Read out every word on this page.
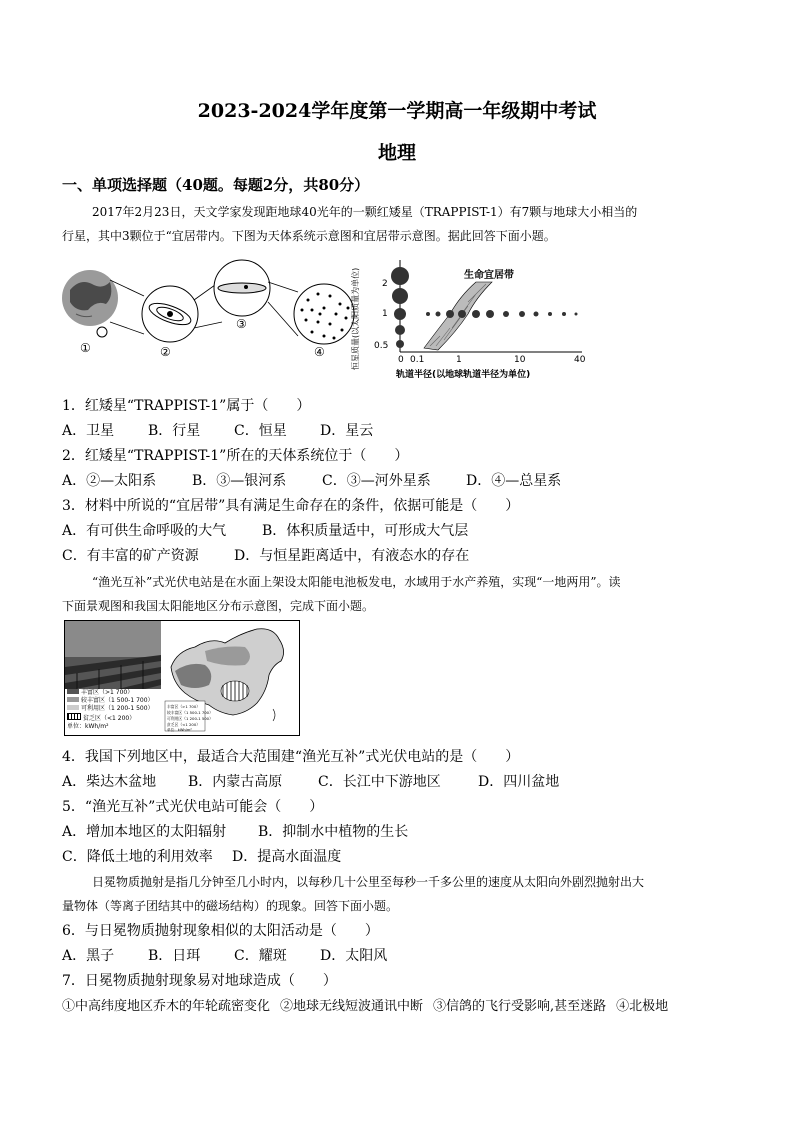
2023-2024学年度第一学期高一年级期中考试
地理
一、单项选择题（40题。每题2分，共80分）
2017年2月23日，天文学家发现距地球40光年的一颗红矮星（TRAPPIST-1）有7颗与地球大小相当的
行星，其中3颗位于“宜居带内。下图为天体系统示意图和宜居带示意图。据此回答下面小题。
①	②
③
④	恒星质量(以太阳质量为单位) 2
1
0.5
生命宜居带
0 0.1	1	10	40
轨道半径(以地球轨道半径为单位)
1．红矮星“TRAPPIST-1”属于（　　）
A．卫星 B．行星 C．恒星 D．星云
2．红矮星“TRAPPIST-1”所在的天体系统位于（　　）
A．②—太阳系	B．③—银河系	C．③—河外星系	D．④—总星系
3．材料中所说的“宜居带”具有满足生命存在的条件，依据可能是（　　）
A．有可供生命呼吸的大气	B．体积质量适中，可形成大气层
C．有丰富的矿产资源	D．与恒星距离适中，有液态水的存在
“渔光互补”式光伏电站是在水面上架设太阳能电池板发电，水域用于水产养殖，实现“一地两用”。读
下面景观图和我国太阳能地区分布示意图，完成下面小题。
丰富区（>1 700）
较丰富区（1 500-1 700）
可利用区（1 200-1 500）
贫乏区（<1 200）
单位：kWh/m²
丰富区（>1 700）
较丰富区（1 500-1 700）
可利用区（1 200-1 500）
贫乏区（<1 200）
单位：kWh/m²
4．我国下列地区中，最适合大范围建“渔光互补”式光伏电站的是（　　）
A．柴达木盆地 B．内蒙古高原	C．长江中下游地区	D．四川盆地
5．“渔光互补”式光伏电站可能会（　　）
A．增加本地区的太阳辐射 B．抑制水中植物的生长
C．降低土地的利用效率 D．提高水面温度
日冕物质抛射是指几分钟至几小时内，以每秒几十公里至每秒一千多公里的速度从太阳向外剧烈抛射出大
量物体（等离子团结其中的磁场结构）的现象。回答下面小题。
6．与日冕物质抛射现象相似的太阳活动是（　　）
A．黑子 B．日珥 C．耀斑 D．太阳风
7．日冕物质抛射现象易对地球造成（　　）
①中高纬度地区乔木的年轮疏密变化 ②地球无线短波通讯中断 ③信鸽的飞行受影响,甚至迷路 ④北极地
